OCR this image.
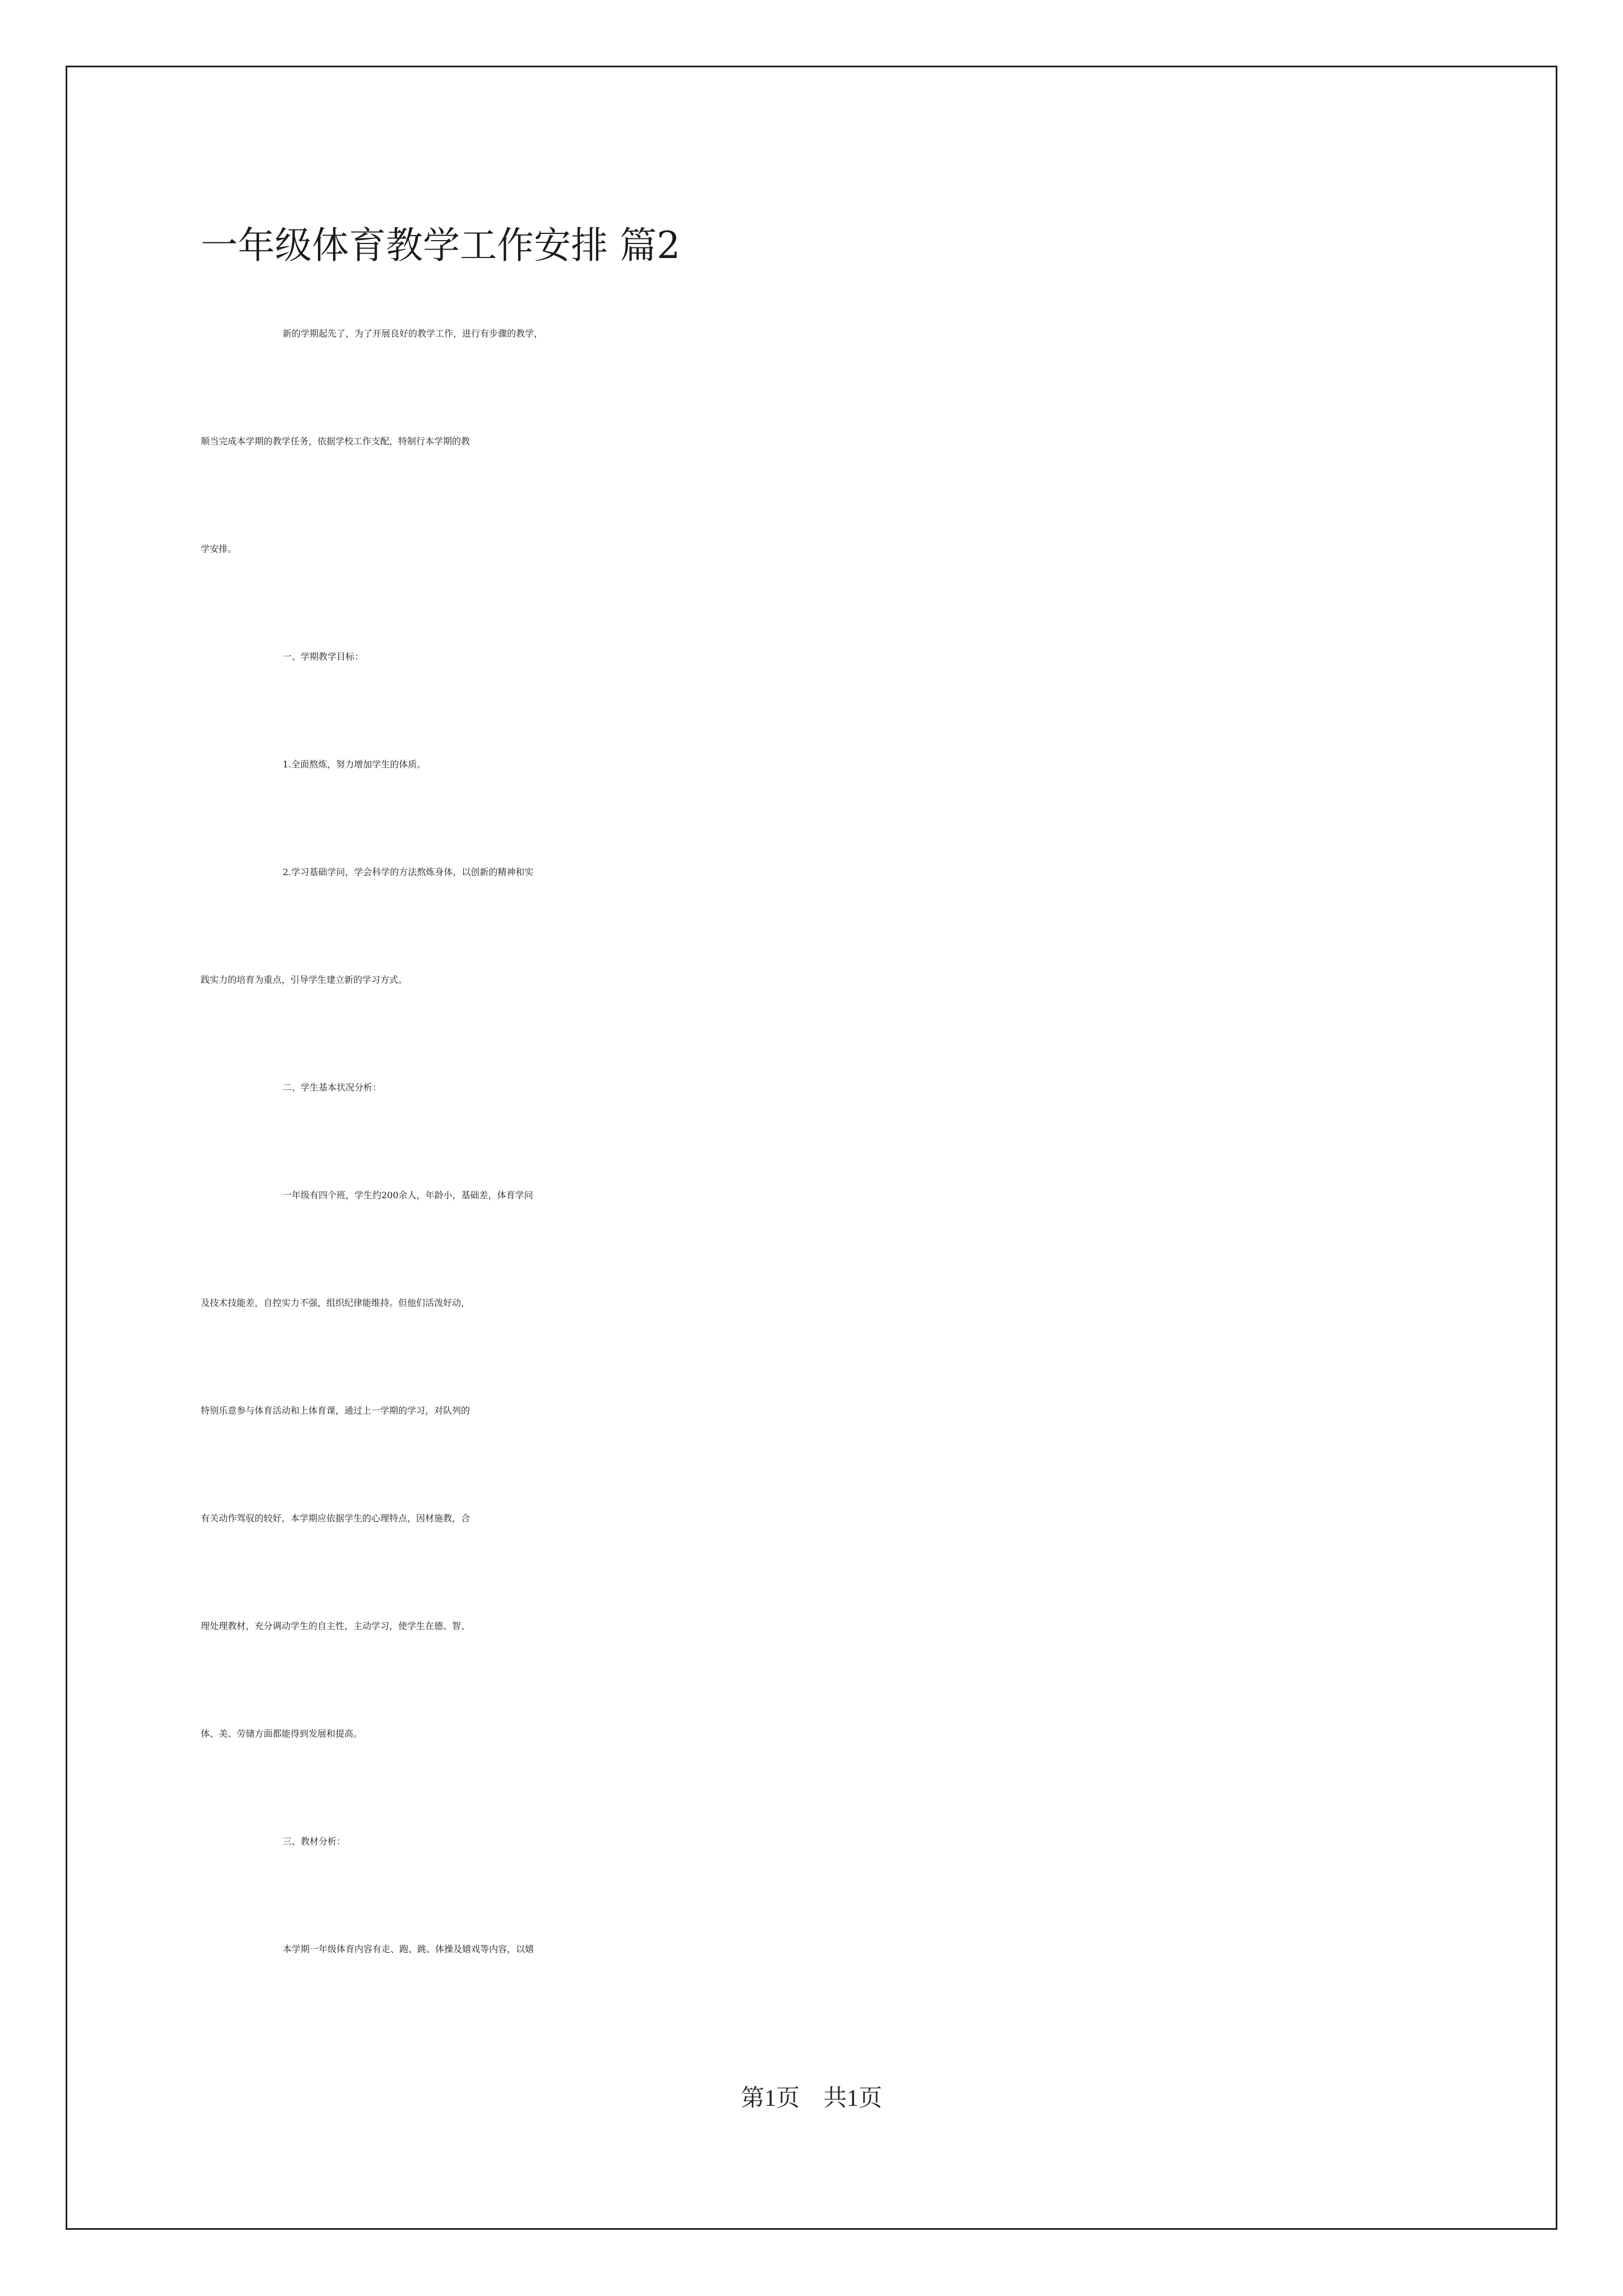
一年级体育教学工作安排 篇2
新的学期起先了，为了开展良好的教学工作，进行有步骤的教学，
顺当完成本学期的教学任务，依据学校工作支配，特制行本学期的教
学安排。
一、学期教学目标：
1.全面熬炼，努力增加学生的体质。
2.学习基础学问，学会科学的方法熬炼身体，以创新的精神和实
践实力的培育为重点，引导学生建立新的学习方式。
二、学生基本状况分析：
一年级有四个班，学生约200余人，年龄小，基础差，体育学问
及技术技能差，自控实力不强，组织纪律能维持。但他们活泼好动，
特别乐意参与体育活动和上体育课，通过上一学期的学习，对队列的
有关动作驾驭的较好，本学期应依据学生的心理特点，因材施教，合
理处理教材，充分调动学生的自主性，主动学习，使学生在德、智、
体、美、劳储方面都能得到发展和提高。
三、教材分析：
本学期一年级体育内容有走、跑、跳、体操及嬉戏等内容，以嬉
第1页　共1页
